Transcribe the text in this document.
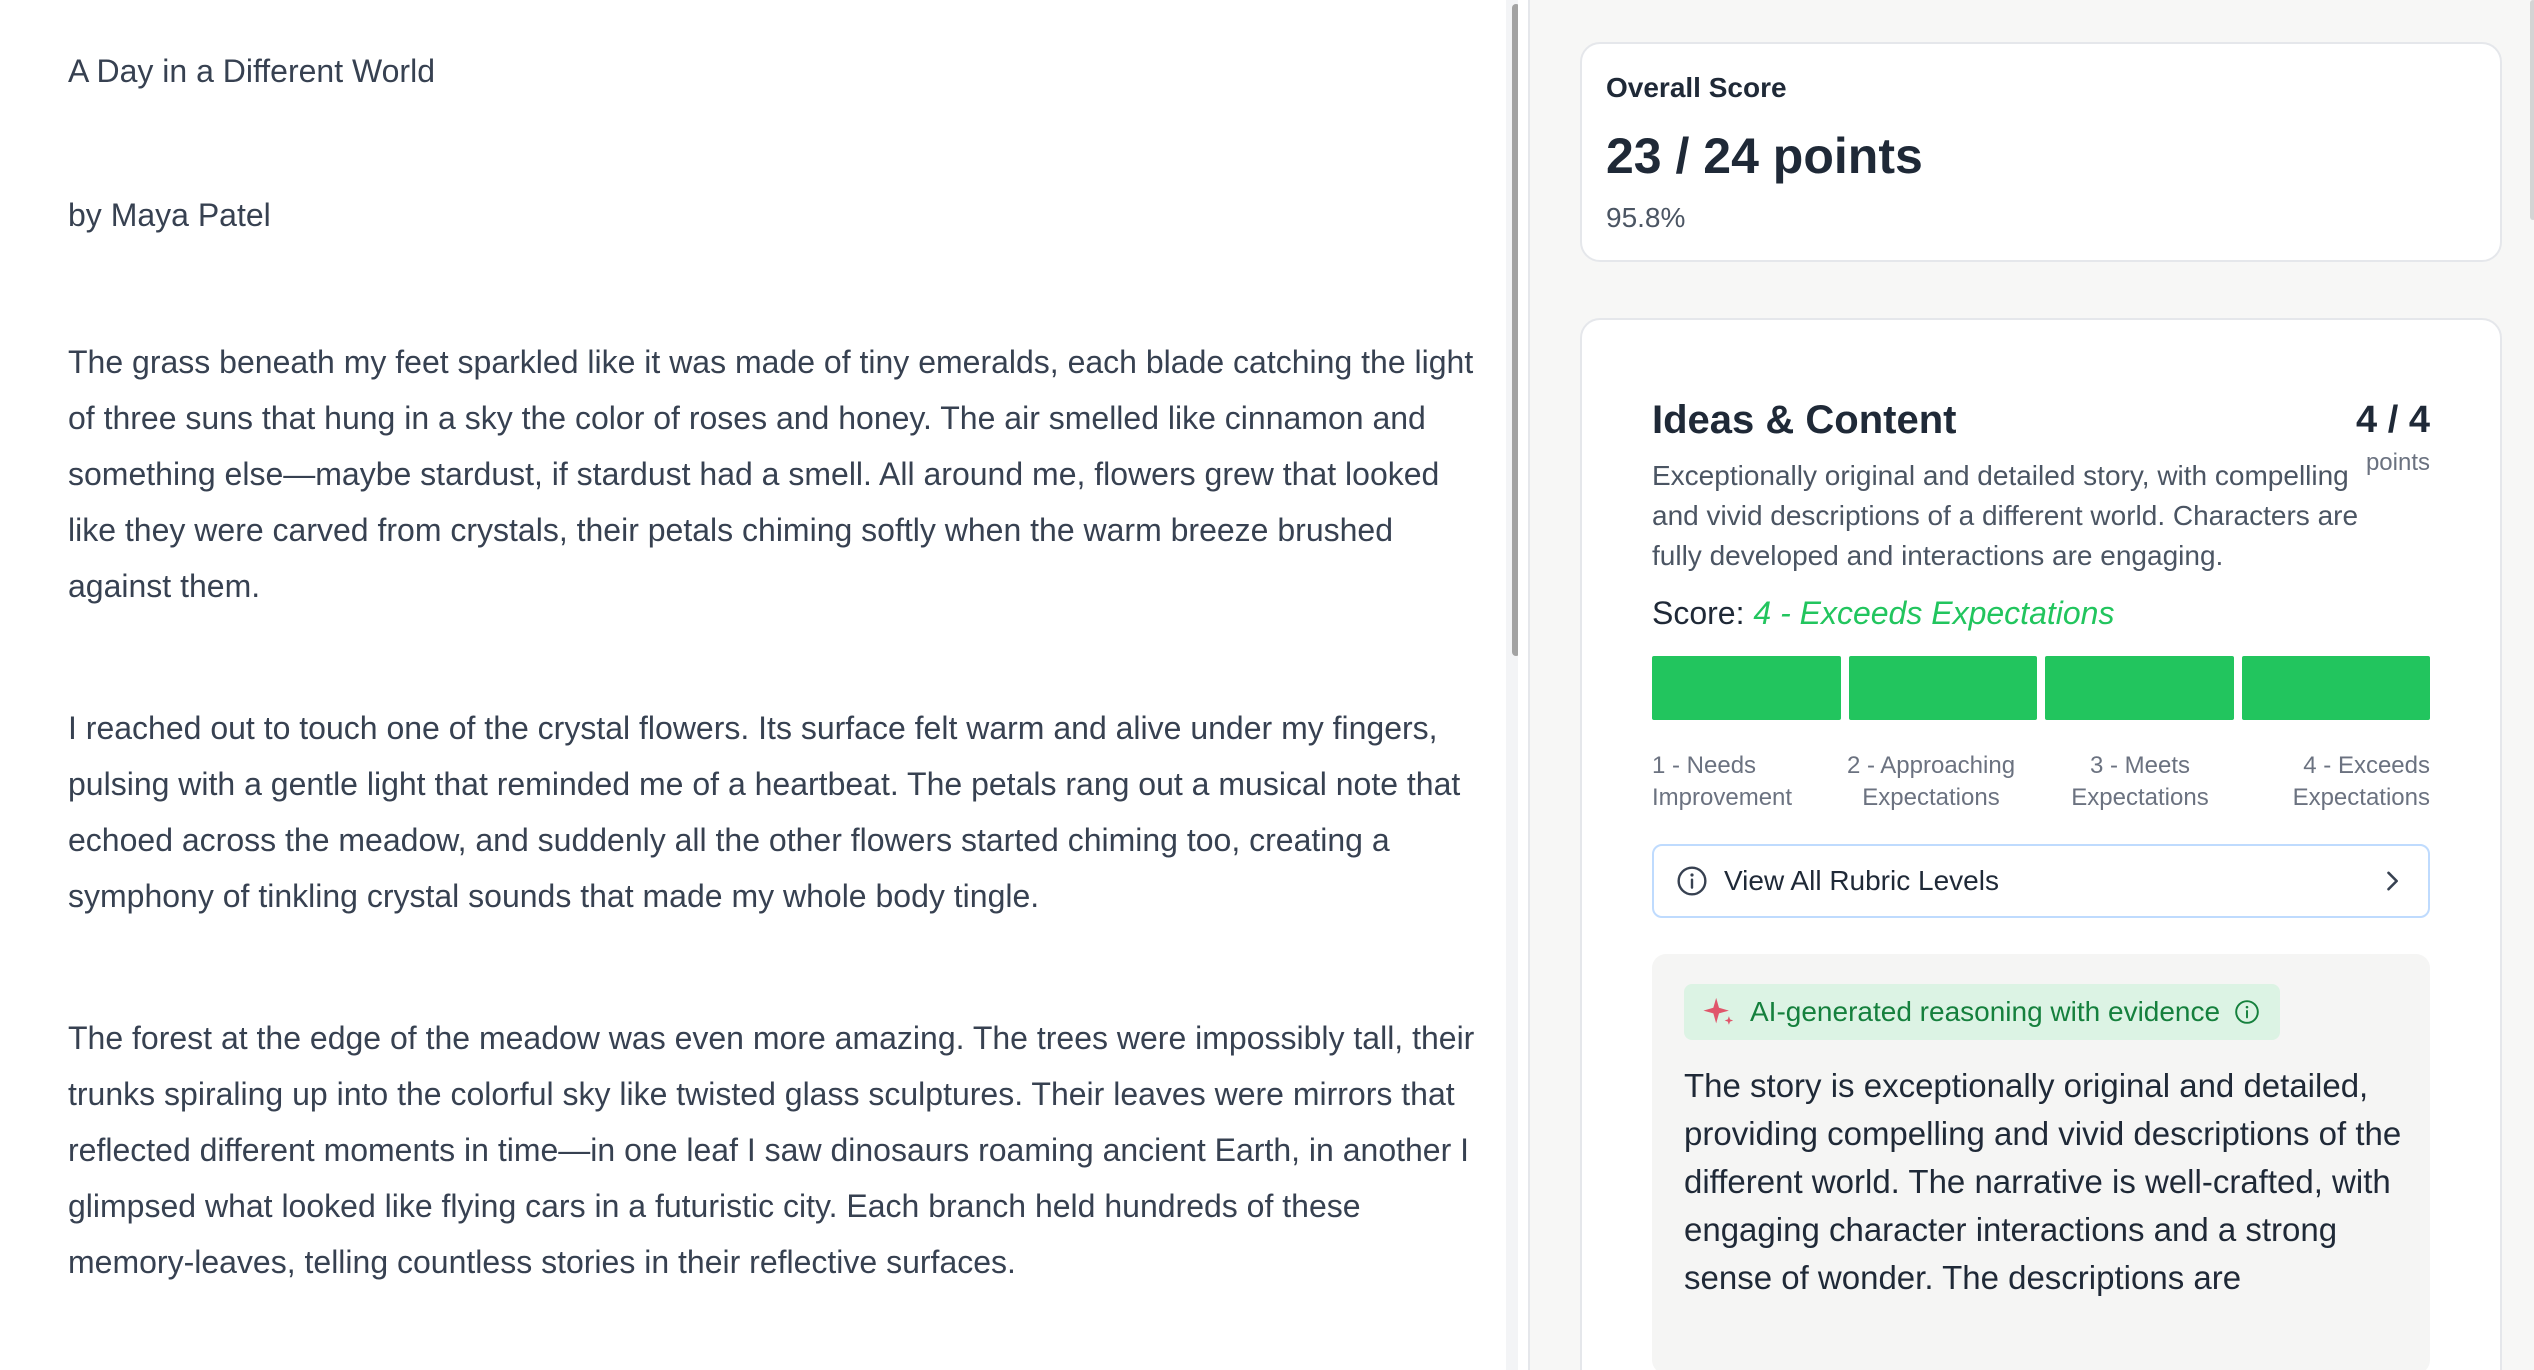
A Day in a Different World

by Maya Patel

The grass beneath my feet sparkled like it was made of tiny emeralds, each blade catching the light of three suns that hung in a sky the color of roses and honey. The air smelled like cinnamon and something else—maybe stardust, if stardust had a smell. All around me, flowers grew that looked like they were carved from crystals, their petals chiming softly when the warm breeze brushed against them.

I reached out to touch one of the crystal flowers. Its surface felt warm and alive under my fingers, pulsing with a gentle light that reminded me of a heartbeat. The petals rang out a musical note that echoed across the meadow, and suddenly all the other flowers started chiming too, creating a symphony of tinkling crystal sounds that made my whole body tingle.

The forest at the edge of the meadow was even more amazing. The trees were impossibly tall, their trunks spiraling up into the colorful sky like twisted glass sculptures. Their leaves were mirrors that reflected different moments in time—in one leaf I saw dinosaurs roaming ancient Earth, in another I glimpsed what looked like flying cars in a futuristic city. Each branch held hundreds of these memory-leaves, telling countless stories in their reflective surfaces.

Overall Score
23 / 24 points
95.8%
Ideas & Content	4 / 4
points
Exceptionally original and detailed story, with compelling and vivid descriptions of a different world. Characters are fully developed and interactions are engaging.
Score: 4 - Exceeds Expectations
1 - Needs Improvement
2 - Approaching Expectations
3 - Meets Expectations
4 - Exceeds Expectations
View All Rubric Levels
AI-generated reasoning with evidence
The story is exceptionally original and detailed, providing compelling and vivid descriptions of the different world. The narrative is well-crafted, with engaging character interactions and a strong sense of wonder. The descriptions are
